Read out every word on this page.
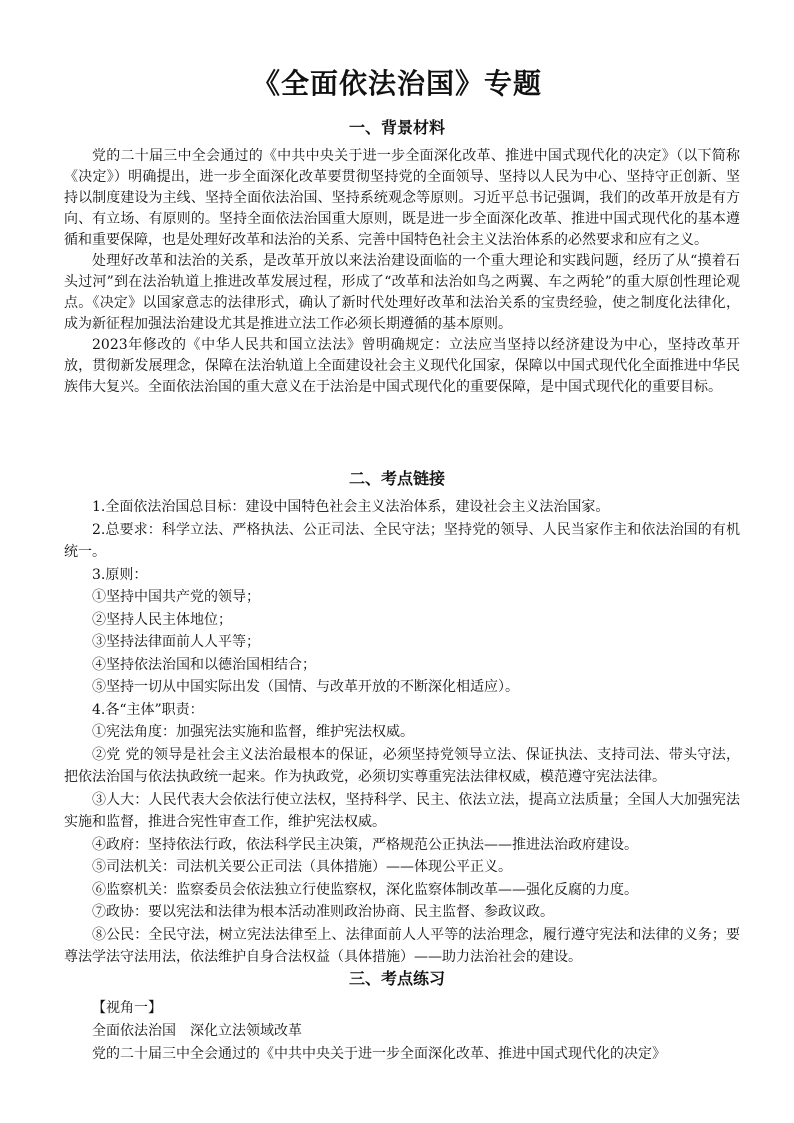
《全面依法治国》专题
一、背景材料

党的二十届三中全会通过的《中共中央关于进一步全面深化改革、推进中国式现代化的决定》（以下简称《决定》）明确提出，进一步全面深化改革要贯彻坚持党的全面领导、坚持以人民为中心、坚持守正创新、坚持以制度建设为主线、坚持全面依法治国、坚持系统观念等原则。习近平总书记强调，我们的改革开放是有方向、有立场、有原则的。坚持全面依法治国重大原则，既是进一步全面深化改革、推进中国式现代化的基本遵循和重要保障，也是处理好改革和法治的关系、完善中国特色社会主义法治体系的必然要求和应有之义。

处理好改革和法治的关系，是改革开放以来法治建设面临的一个重大理论和实践问题，经历了从“摸着石头过河”到在法治轨道上推进改革发展过程，形成了“改革和法治如鸟之两翼、车之两轮”的重大原创性理论观点。《决定》以国家意志的法律形式，确认了新时代处理好改革和法治关系的宝贵经验，使之制度化法律化，成为新征程加强法治建设尤其是推进立法工作必须长期遵循的基本原则。

2023年修改的《中华人民共和国立法法》曾明确规定：立法应当坚持以经济建设为中心，坚持改革开放，贯彻新发展理念，保障在法治轨道上全面建设社会主义现代化国家，保障以中国式现代化全面推进中华民族伟大复兴。全面依法治国的重大意义在于法治是中国式现代化的重要保障，是中国式现代化的重要目标。

二、考点链接
1.全面依法治国总目标：建设中国特色社会主义法治体系，建设社会主义法治国家。
2.总要求：科学立法、严格执法、公正司法、全民守法；坚持党的领导、人民当家作主和依法治国的有机统一。
3.原则：
①坚持中国共产党的领导；
②坚持人民主体地位；
③坚持法律面前人人平等；
④坚持依法治国和以德治国相结合；
⑤坚持一切从中国实际出发（国情、与改革开放的不断深化相适应）。
4.各“主体”职责：
①宪法角度：加强宪法实施和监督，维护宪法权威。
②党 党的领导是社会主义法治最根本的保证，必须坚持党领导立法、保证执法、支持司法、带头守法，把依法治国与依法执政统一起来。作为执政党，必须切实尊重宪法法律权威，模范遵守宪法法律。
③人大：人民代表大会依法行使立法权，坚持科学、民主、依法立法，提高立法质量；全国人大加强宪法实施和监督，推进合宪性审查工作，维护宪法权威。
④政府：坚持依法行政，依法科学民主决策，严格规范公正执法——推进法治政府建设。
⑤司法机关：司法机关要公正司法（具体措施）——体现公平正义。
⑥监察机关：监察委员会依法独立行使监察权，深化监察体制改革——强化反腐的力度。
⑦政协：要以宪法和法律为根本活动准则政治协商、民主监督、参政议政。
⑧公民：全民守法，树立宪法法律至上、法律面前人人平等的法治理念，履行遵守宪法和法律的义务；要尊法学法守法用法，依法维护自身合法权益（具体措施）——助力法治社会的建设。
三、考点练习
【视角一】
全面依法治国　深化立法领域改革
党的二十届三中全会通过的《中共中央关于进一步全面深化改革、推进中国式现代化的决定》
